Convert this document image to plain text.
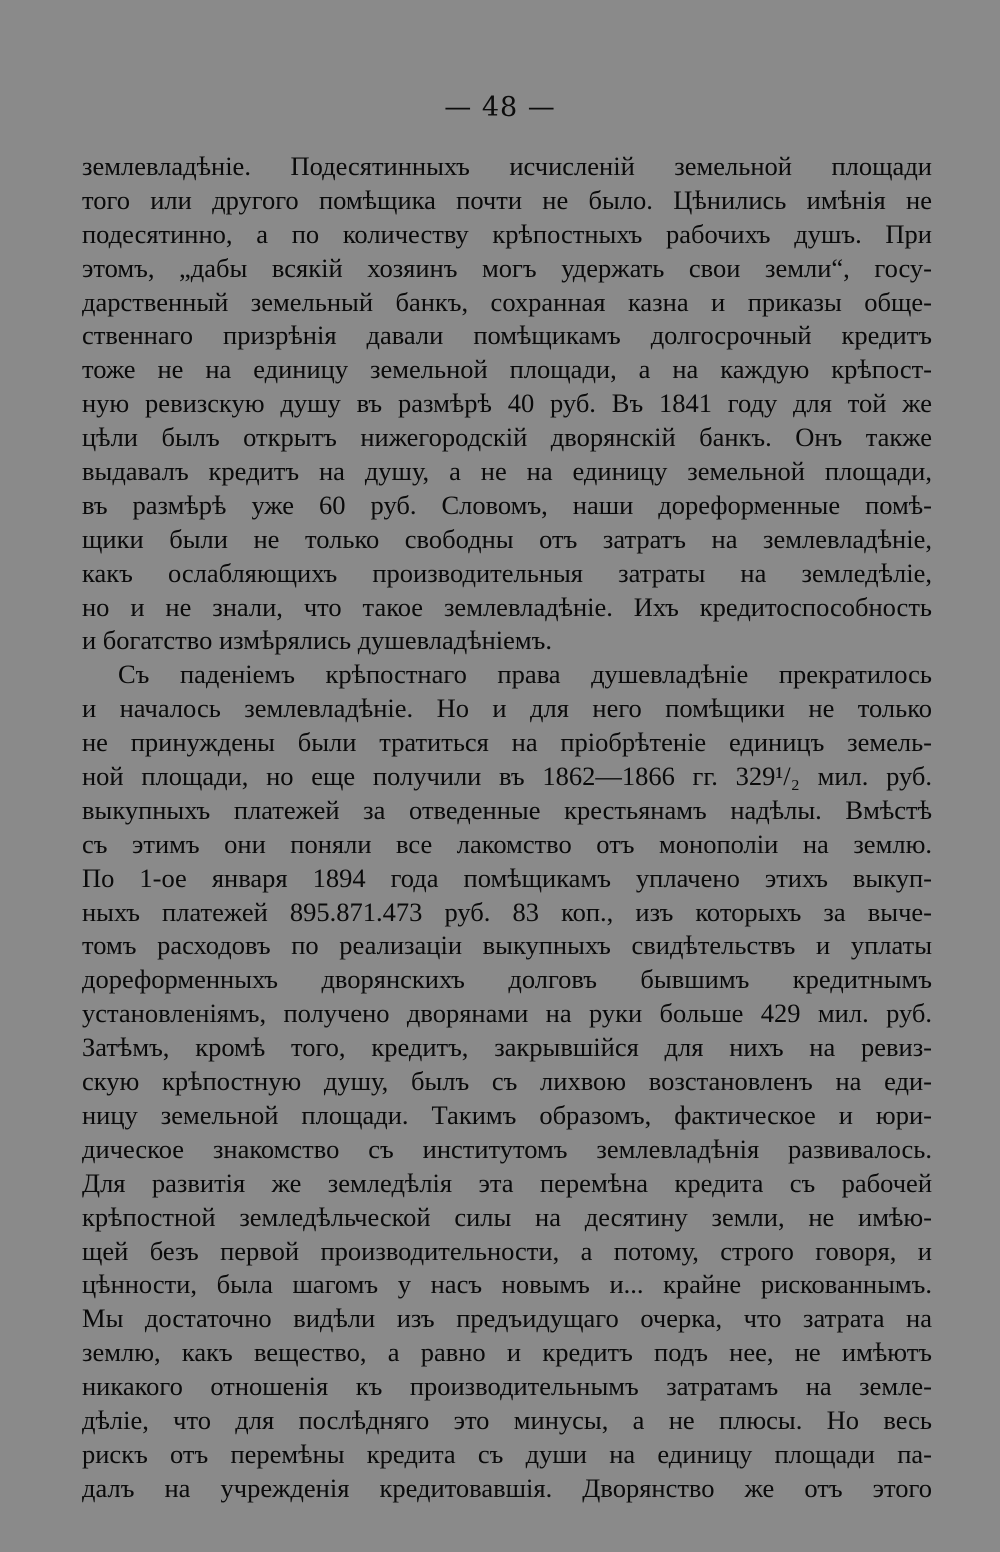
— 48 —
землевладѣніе. Подесятинныхъ исчисленій земельной площади
того или другого помѣщика почти не было. Цѣнились имѣнія не
подесятинно, а по количеству крѣпостныхъ рабочихъ душъ. При
этомъ, „дабы всякій хозяинъ могъ удержать свои земли“, госу-
дарственный земельный банкъ, сохранная казна и приказы обще-
ственнаго призрѣнія давали помѣщикамъ долгосрочный кредитъ
тоже не на единицу земельной площади, а на каждую крѣпост-
ную ревизскую душу въ размѣрѣ 40 руб. Въ 1841 году для той же
цѣли былъ открытъ нижегородскій дворянскій банкъ. Онъ также
выдавалъ кредитъ на душу, а не на единицу земельной площади,
въ размѣрѣ уже 60 руб. Словомъ, наши дореформенные помѣ-
щики были не только свободны отъ затратъ на землевладѣніе,
какъ ослабляющихъ производительныя затраты на земледѣліе,
но и не знали, что такое землевладѣніе. Ихъ кредитоспособность
и богатство измѣрялись душевладѣніемъ.
Съ паденіемъ крѣпостнаго права душевладѣніе прекратилось
и началось землевладѣніе. Но и для него помѣщики не только
не принуждены были тратиться на пріобрѣтеніе единицъ земель-
ной площади, но еще получили въ 1862—1866 гг. 329¹/₂ мил. руб.
выкупныхъ платежей за отведенные крестьянамъ надѣлы. Вмѣстѣ
съ этимъ они поняли все лакомство отъ монополіи на землю.
По 1-ое января 1894 года помѣщикамъ уплачено этихъ выкуп-
ныхъ платежей 895.871.473 руб. 83 коп., изъ которыхъ за выче-
томъ расходовъ по реализаціи выкупныхъ свидѣтельствъ и уплаты
дореформенныхъ дворянскихъ долговъ бывшимъ кредитнымъ
установленіямъ, получено дворянами на руки больше 429 мил. руб.
Затѣмъ, кромѣ того, кредитъ, закрывшійся для нихъ на ревиз-
скую крѣпостную душу, былъ съ лихвою возстановленъ на еди-
ницу земельной площади. Такимъ образомъ, фактическое и юри-
дическое знакомство съ институтомъ землевладѣнія развивалось.
Для развитія же земледѣлія эта перемѣна кредита съ рабочей
крѣпостной земледѣльческой силы на десятину земли, не имѣю-
щей безъ первой производительности, а потому, строго говоря, и
цѣнности, была шагомъ у насъ новымъ и... крайне рискованнымъ.
Мы достаточно видѣли изъ предъидущаго очерка, что затрата на
землю, какъ вещество, а равно и кредитъ подъ нее, не имѣютъ
никакого отношенія къ производительнымъ затратамъ на земле-
дѣліе, что для послѣдняго это минусы, а не плюсы. Но весь
рискъ отъ перемѣны кредита съ души на единицу площади па-
далъ на учрежденія кредитовавшія. Дворянство же отъ этого
